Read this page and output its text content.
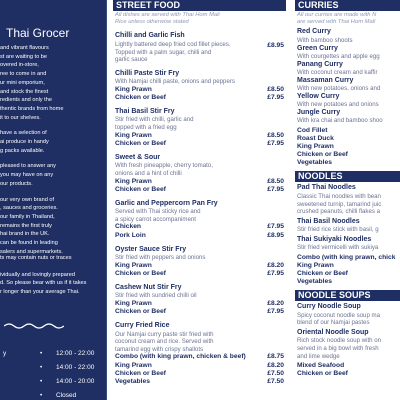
Thai Grocer

and vibrant flavours
st are waiting to be
overed in-store,
ree to come in and
ur mini emporium,
and stock the finest
redients and only the
thentic brands from home
it to our shelves.

have a selection of
ai produce in handy
g packs available.

pleased to answer any
you may have on any
our products.

our very own brand of
, sauces and groceries.
our family in Thailand,
remains the first truly
hai brand in the UK.
can be found in leading
salers and supermarkets.

ts may contain nuts or traces

ividually and lovingly prepared
d. So please bear with us if it takes
r longer than your average Thai.

y	• 12:00 - 22:00
• 14:00 - 22:00
• 14:00 - 20:00
• Closed
STREET FOOD
All dishes are served with Thai Hom Mali
Rice unless otherwise stated
Chilli and Garlic Fish
Lightly battered deep fried cod fillet pieces.
Topped with a palm sugar, chilli and
garlic sauce
£8.95
Chilli Paste Stir Fry
With Namjai chilli paste, onions and peppers
King Prawn	£8.50
Chicken or Beef	£7.95
Thai Basil Stir Fry
Stir fried with chilli, garlic and
topped with a fried egg
King Prawn	£8.50
Chicken or Beef	£7.95
Sweet & Sour
With fresh pineapple, cherry tomato,
onions and a hint of chilli
King Prawn	£8.50
Chicken or Beef	£7.95
Garlic and Peppercorn Pan Fry
Served with Thai sticky rice and
a spicy carrot accompaniment
Chicken	£7.95
Pork Loin	£8.95
Oyster Sauce Stir Fry
Stir fried with peppers and onions
King Prawn	£8.20
Chicken or Beef	£7.95
Cashew Nut Stir Fry
Stir fried with sundried chilli oil
King Prawn	£8.20
Chicken or Beef	£7.95
Curry Fried Rice
Our Namjai curry paste stir fried with
coconut cream and rice. Served with
tamarind egg with crispy shallots
Combo (with king prawn, chicken & beef)	£8.75
King Prawn	£8.20
Chicken or Beef	£7.50
Vegetables	£7.50
CURRIES
All our curries are made with N
are served with Thai Hom Mali
Red Curry
With bamboo shoots
Green Curry
With courgettes and apple egg
Panang Curry
With coconut cream and kaffir
Massaman Curry
With new potatoes, onions and
Yellow Curry
With new potatoes and onions
Jungle Curry
With kra chai and bamboo shoo
Cod Fillet
Roast Duck
King Prawn
Chicken or Beef
Vegetables
NOODLES
Pad Thai Noodles
Classic Thai noodles with bean
sweetened turnip, tamarind juic
crushed peanuts, chilli flakes a
Thai Basil Noodles
Stir fried rice stick with basil, g
Thai Sukiyaki Noodles
Stir fried vermicelli with sukiya
Combo (with king prawn, chick
King Prawn
Chicken or Beef
Vegetables
NOODLE SOUPS
Curry Noodle Soup
Spicy coconut noodle soup ma
blend of our Namjai pastes
Oriental Noodle Soup
Rich stock noodle soup with on
served in a big bowl with fresh
and lime wedge
Mixed Seafood
Chicken or Beef
